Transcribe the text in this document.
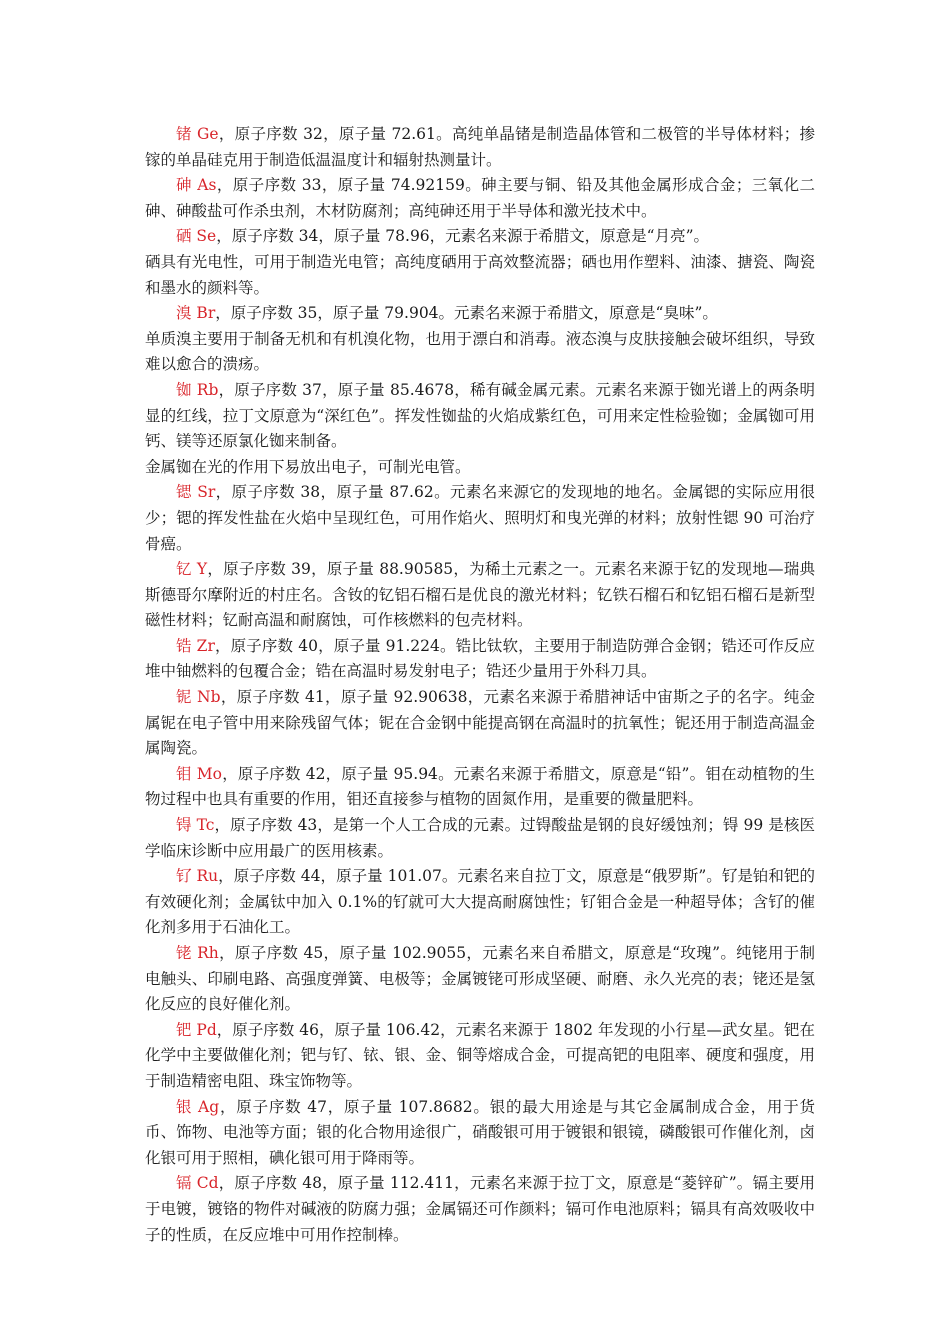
锗 Ge，原子序数 32，原子量 72.61。高纯单晶锗是制造晶体管和二极管的半导体材料；掺镓的单晶硅克用于制造低温温度计和辐射热测量计。

砷 As，原子序数 33，原子量 74.92159。砷主要与铜、铅及其他金属形成合金；三氧化二砷、砷酸盐可作杀虫剂，木材防腐剂；高纯砷还用于半导体和激光技术中。

硒 Se，原子序数 34，原子量 78.96，元素名来源于希腊文，原意是“月亮”。

硒具有光电性，可用于制造光电管；高纯度硒用于高效整流器；硒也用作塑料、油漆、搪瓷、陶瓷和墨水的颜料等。

溴 Br，原子序数 35，原子量 79.904。元素名来源于希腊文，原意是“臭味”。

单质溴主要用于制备无机和有机溴化物，也用于漂白和消毒。液态溴与皮肤接触会破坏组织，导致难以愈合的溃疡。

铷 Rb，原子序数 37，原子量 85.4678，稀有碱金属元素。元素名来源于铷光谱上的两条明显的红线，拉丁文原意为“深红色”。挥发性铷盐的火焰成紫红色，可用来定性检验铷；金属铷可用钙、镁等还原氯化铷来制备。

金属铷在光的作用下易放出电子，可制光电管。

锶 Sr，原子序数 38，原子量 87.62。元素名来源它的发现地的地名。金属锶的实际应用很少；锶的挥发性盐在火焰中呈现红色，可用作焰火、照明灯和曳光弹的材料；放射性锶 90 可治疗骨癌。

钇 Y，原子序数 39，原子量 88.90585，为稀土元素之一。元素名来源于钇的发现地—瑞典斯德哥尔摩附近的村庄名。含钕的钇铝石榴石是优良的激光材料；钇铁石榴石和钇铝石榴石是新型磁性材料；钇耐高温和耐腐蚀，可作核燃料的包壳材料。

锆 Zr，原子序数 40，原子量 91.224。锆比钛软，主要用于制造防弹合金钢；锆还可作反应堆中铀燃料的包覆合金；锆在高温时易发射电子；锆还少量用于外科刀具。

铌 Nb，原子序数 41，原子量 92.90638，元素名来源于希腊神话中宙斯之子的名字。纯金属铌在电子管中用来除残留气体；铌在合金钢中能提高钢在高温时的抗氧性；铌还用于制造高温金属陶瓷。

钼 Mo，原子序数 42，原子量 95.94。元素名来源于希腊文，原意是“铅”。钼在动植物的生物过程中也具有重要的作用，钼还直接参与植物的固氮作用，是重要的微量肥料。

锝 Tc，原子序数 43，是第一个人工合成的元素。过锝酸盐是钢的良好缓蚀剂；锝 99 是核医学临床诊断中应用最广的医用核素。

钌 Ru，原子序数 44，原子量 101.07。元素名来自拉丁文，原意是“俄罗斯”。钌是铂和钯的有效硬化剂；金属钛中加入 0.1%的钌就可大大提高耐腐蚀性；钌钼合金是一种超导体；含钌的催化剂多用于石油化工。

铑 Rh，原子序数 45，原子量 102.9055，元素名来自希腊文，原意是“玫瑰”。纯铑用于制电触头、印刷电路、高强度弹簧、电极等；金属镀铑可形成坚硬、耐磨、永久光亮的表；铑还是氢化反应的良好催化剂。

钯 Pd，原子序数 46，原子量 106.42，元素名来源于 1802 年发现的小行星—武女星。钯在化学中主要做催化剂；钯与钌、铱、银、金、铜等熔成合金，可提高钯的电阻率、硬度和强度，用于制造精密电阻、珠宝饰物等。

银 Ag，原子序数 47，原子量 107.8682。银的最大用途是与其它金属制成合金，用于货币、饰物、电池等方面；银的化合物用途很广，硝酸银可用于镀银和银镜，磷酸银可作催化剂，卤化银可用于照相，碘化银可用于降雨等。

镉 Cd，原子序数 48，原子量 112.411，元素名来源于拉丁文，原意是“菱锌矿”。镉主要用于电镀，镀铬的物件对碱液的防腐力强；金属镉还可作颜料；镉可作电池原料；镉具有高效吸收中子的性质，在反应堆中可用作控制棒。
